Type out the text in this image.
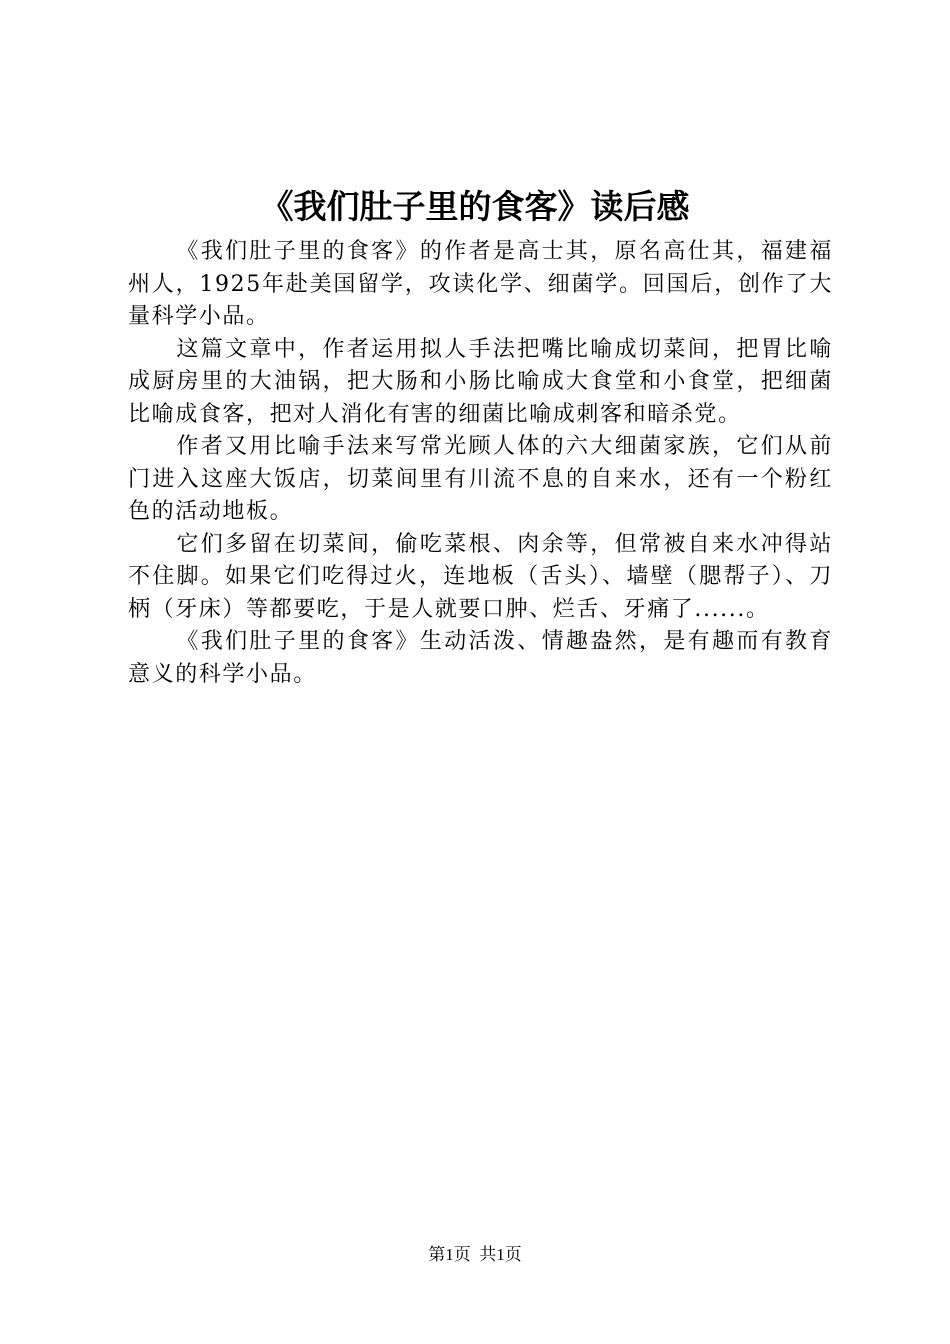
《我们肚子里的食客》读后感

《我们肚子里的食客》的作者是高士其，原名高仕其，福建福州人，1925年赴美国留学，攻读化学、细菌学。回国后，创作了大量科学小品。

这篇文章中，作者运用拟人手法把嘴比喻成切菜间，把胃比喻成厨房里的大油锅，把大肠和小肠比喻成大食堂和小食堂，把细菌比喻成食客，把对人消化有害的细菌比喻成刺客和暗杀党。

作者又用比喻手法来写常光顾人体的六大细菌家族，它们从前门进入这座大饭店，切菜间里有川流不息的自来水，还有一个粉红色的活动地板。

它们多留在切菜间，偷吃菜根、肉余等，但常被自来水冲得站不住脚。如果它们吃得过火，连地板（舌头）、墙壁（腮帮子）、刀柄（牙床）等都要吃，于是人就要口肿、烂舌、牙痛了......。

《我们肚子里的食客》生动活泼、情趣盎然，是有趣而有教育意义的科学小品。

第1页 共1页
